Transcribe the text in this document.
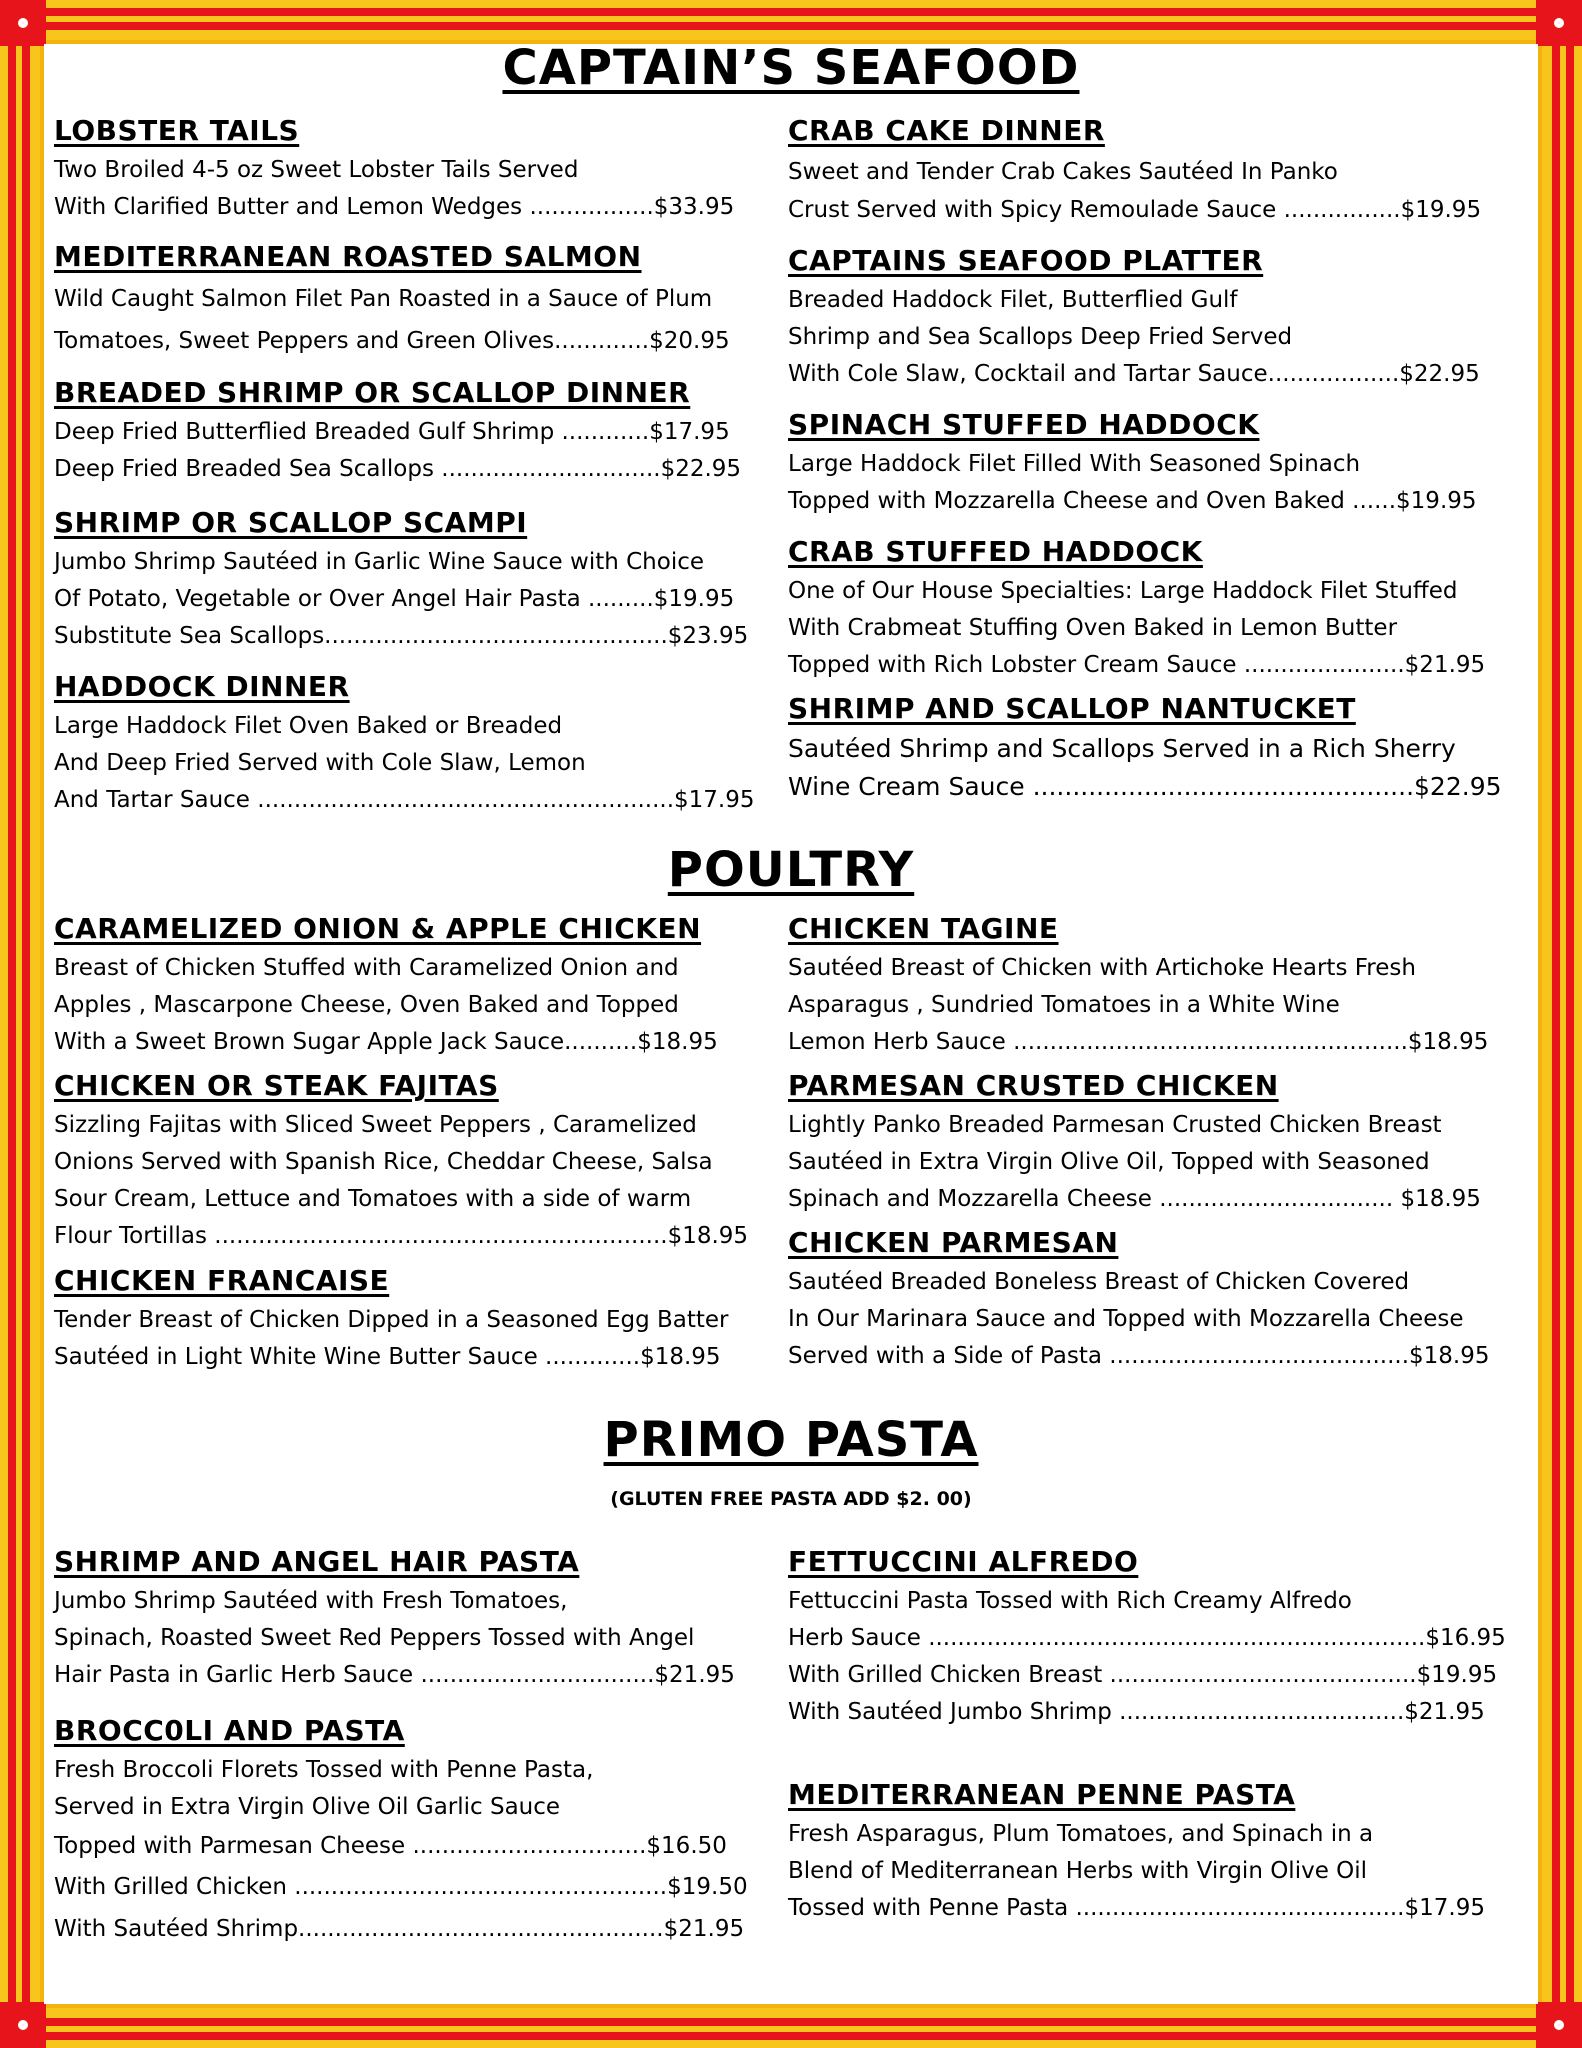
CAPTAIN’S SEAFOOD
LOBSTER TAILS
Two Broiled 4-5 oz Sweet Lobster Tails Served
With Clarified Butter and Lemon Wedges .................$33.95
MEDITERRANEAN ROASTED SALMON
Wild Caught Salmon Filet Pan Roasted in a Sauce of Plum
Tomatoes, Sweet Peppers and Green Olives.............$20.95
BREADED SHRIMP OR SCALLOP DINNER
Deep Fried Butterflied Breaded Gulf Shrimp ............$17.95
Deep Fried Breaded Sea Scallops ..............................$22.95
SHRIMP OR SCALLOP SCAMPI
Jumbo Shrimp Sautéed in Garlic Wine Sauce with Choice
Of Potato, Vegetable or Over Angel Hair Pasta .........$19.95
Substitute Sea Scallops...............................................$23.95
HADDOCK DINNER
Large Haddock Filet Oven Baked or Breaded
And Deep Fried Served with Cole Slaw, Lemon
And Tartar Sauce .........................................................$17.95
CRAB CAKE DINNER
Sweet and Tender Crab Cakes Sautéed In Panko
Crust Served with Spicy Remoulade Sauce ................$19.95
CAPTAINS SEAFOOD PLATTER
Breaded Haddock Filet, Butterflied Gulf
Shrimp and Sea Scallops Deep Fried Served
With Cole Slaw, Cocktail and Tartar Sauce..................$22.95
SPINACH STUFFED HADDOCK
Large Haddock Filet Filled With Seasoned Spinach
Topped with Mozzarella Cheese and Oven Baked ......$19.95
CRAB STUFFED HADDOCK
One of Our House Specialties: Large Haddock Filet Stuffed
With Crabmeat Stuffing Oven Baked in Lemon Butter
Topped with Rich Lobster Cream Sauce ......................$21.95
SHRIMP AND SCALLOP NANTUCKET
Sautéed Shrimp and Scallops Served in a Rich Sherry
Wine Cream Sauce ................................................$22.95
POULTRY
CARAMELIZED ONION & APPLE CHICKEN
Breast of Chicken Stuffed with Caramelized Onion and
Apples , Mascarpone Cheese, Oven Baked and Topped
With a Sweet Brown Sugar Apple Jack Sauce..........$18.95
CHICKEN OR STEAK FAJITAS
Sizzling Fajitas with Sliced Sweet Peppers , Caramelized
Onions Served with Spanish Rice, Cheddar Cheese, Salsa
Sour Cream, Lettuce and Tomatoes with a side of warm
Flour Tortillas ..............................................................$18.95
CHICKEN FRANCAISE
Tender Breast of Chicken Dipped in a Seasoned Egg Batter
Sautéed in Light White Wine Butter Sauce .............$18.95
CHICKEN TAGINE
Sautéed Breast of Chicken with Artichoke Hearts Fresh
Asparagus , Sundried Tomatoes in a White Wine
Lemon Herb Sauce ......................................................$18.95
PARMESAN CRUSTED CHICKEN
Lightly Panko Breaded Parmesan Crusted Chicken Breast
Sautéed in Extra Virgin Olive Oil, Topped with Seasoned
Spinach and Mozzarella Cheese ................................ $18.95
CHICKEN PARMESAN
Sautéed Breaded Boneless Breast of Chicken Covered
In Our Marinara Sauce and Topped with Mozzarella Cheese
Served with a Side of Pasta .........................................$18.95
PRIMO PASTA
(GLUTEN FREE PASTA ADD $2. 00)
SHRIMP AND ANGEL HAIR PASTA
Jumbo Shrimp Sautéed with Fresh Tomatoes,
Spinach, Roasted Sweet Red Peppers Tossed with Angel
Hair Pasta in Garlic Herb Sauce ................................$21.95
BROCC0LI AND PASTA
Fresh Broccoli Florets Tossed with Penne Pasta,
Served in Extra Virgin Olive Oil Garlic Sauce
Topped with Parmesan Cheese ................................$16.50
With Grilled Chicken ...................................................$19.50
With Sautéed Shrimp..................................................$21.95
FETTUCCINI ALFREDO
Fettuccini Pasta Tossed with Rich Creamy Alfredo
Herb Sauce ....................................................................$16.95
With Grilled Chicken Breast ..........................................$19.95
With Sautéed Jumbo Shrimp .......................................$21.95
MEDITERRANEAN PENNE PASTA
Fresh Asparagus, Plum Tomatoes, and Spinach in a
Blend of Mediterranean Herbs with Virgin Olive Oil
Tossed with Penne Pasta .............................................$17.95
